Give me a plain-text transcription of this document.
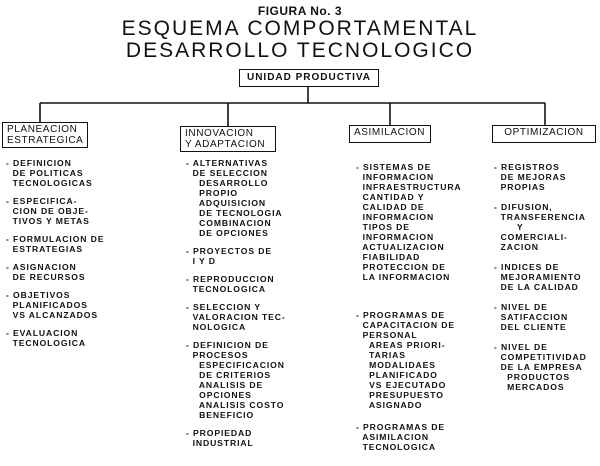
FIGURA No. 3
ESQUEMA COMPORTAMENTAL
DESARROLLO TECNOLOGICO
UNIDAD PRODUCTIVA
PLANEACION
ESTRATEGICA
INNOVACION
Y ADAPTACION
ASIMILACION	OPTIMIZACION

- DEFINICION
DE POLITICAS
TECNOLOGICAS

- ESPECIFICA-
CION DE OBJE-
TIVOS Y METAS

- FORMULACION DE
ESTRATEGIAS

- ASIGNACION
DE RECURSOS

- OBJETIVOS
PLANIFICADOS
VS ALCANZADOS

- EVALUACION
TECNOLOGICA

- ALTERNATIVAS
DE SELECCION
DESARROLLO
PROPIO
ADQUISICION
DE TECNOLOGIA
COMBINACION
DE OPCIONES

- PROYECTOS DE
I Y D

- REPRODUCCION
TECNOLOGICA

- SELECCION Y
VALORACION TEC-
NOLOGICA

- DEFINICION DE
PROCESOS
ESPECIFICACION
DE CRITERIOS
ANALISIS DE
OPCIONES
ANALISIS COSTO
BENEFICIO

- PROPIEDAD
INDUSTRIAL

- SISTEMAS DE
INFORMACION
INFRAESTRUCTURA
CANTIDAD Y
CALIDAD DE
INFORMACION
TIPOS DE
INFORMACION
ACTUALIZACION
FIABILIDAD
PROTECCION DE
LA INFORMACION

- PROGRAMAS DE
CAPACITACION DE
PERSONAL
AREAS PRIORI-
TARIAS
MODALIDAES
PLANIFICADO
VS EJECUTADO
PRESUPUESTO
ASIGNADO

- PROGRAMAS DE
ASIMILACION
TECNOLOGICA

- REGISTROS
DE MEJORAS
PROPIAS

- DIFUSION,
TRANSFERENCIA
Y
COMERCIALI-
ZACION

- INDICES DE
MEJORAMIENTO
DE LA CALIDAD

- NIVEL DE
SATIFACCION
DEL CLIENTE

- NIVEL DE
COMPETITIVIDAD
DE LA EMPRESA
PRODUCTOS
MERCADOS
